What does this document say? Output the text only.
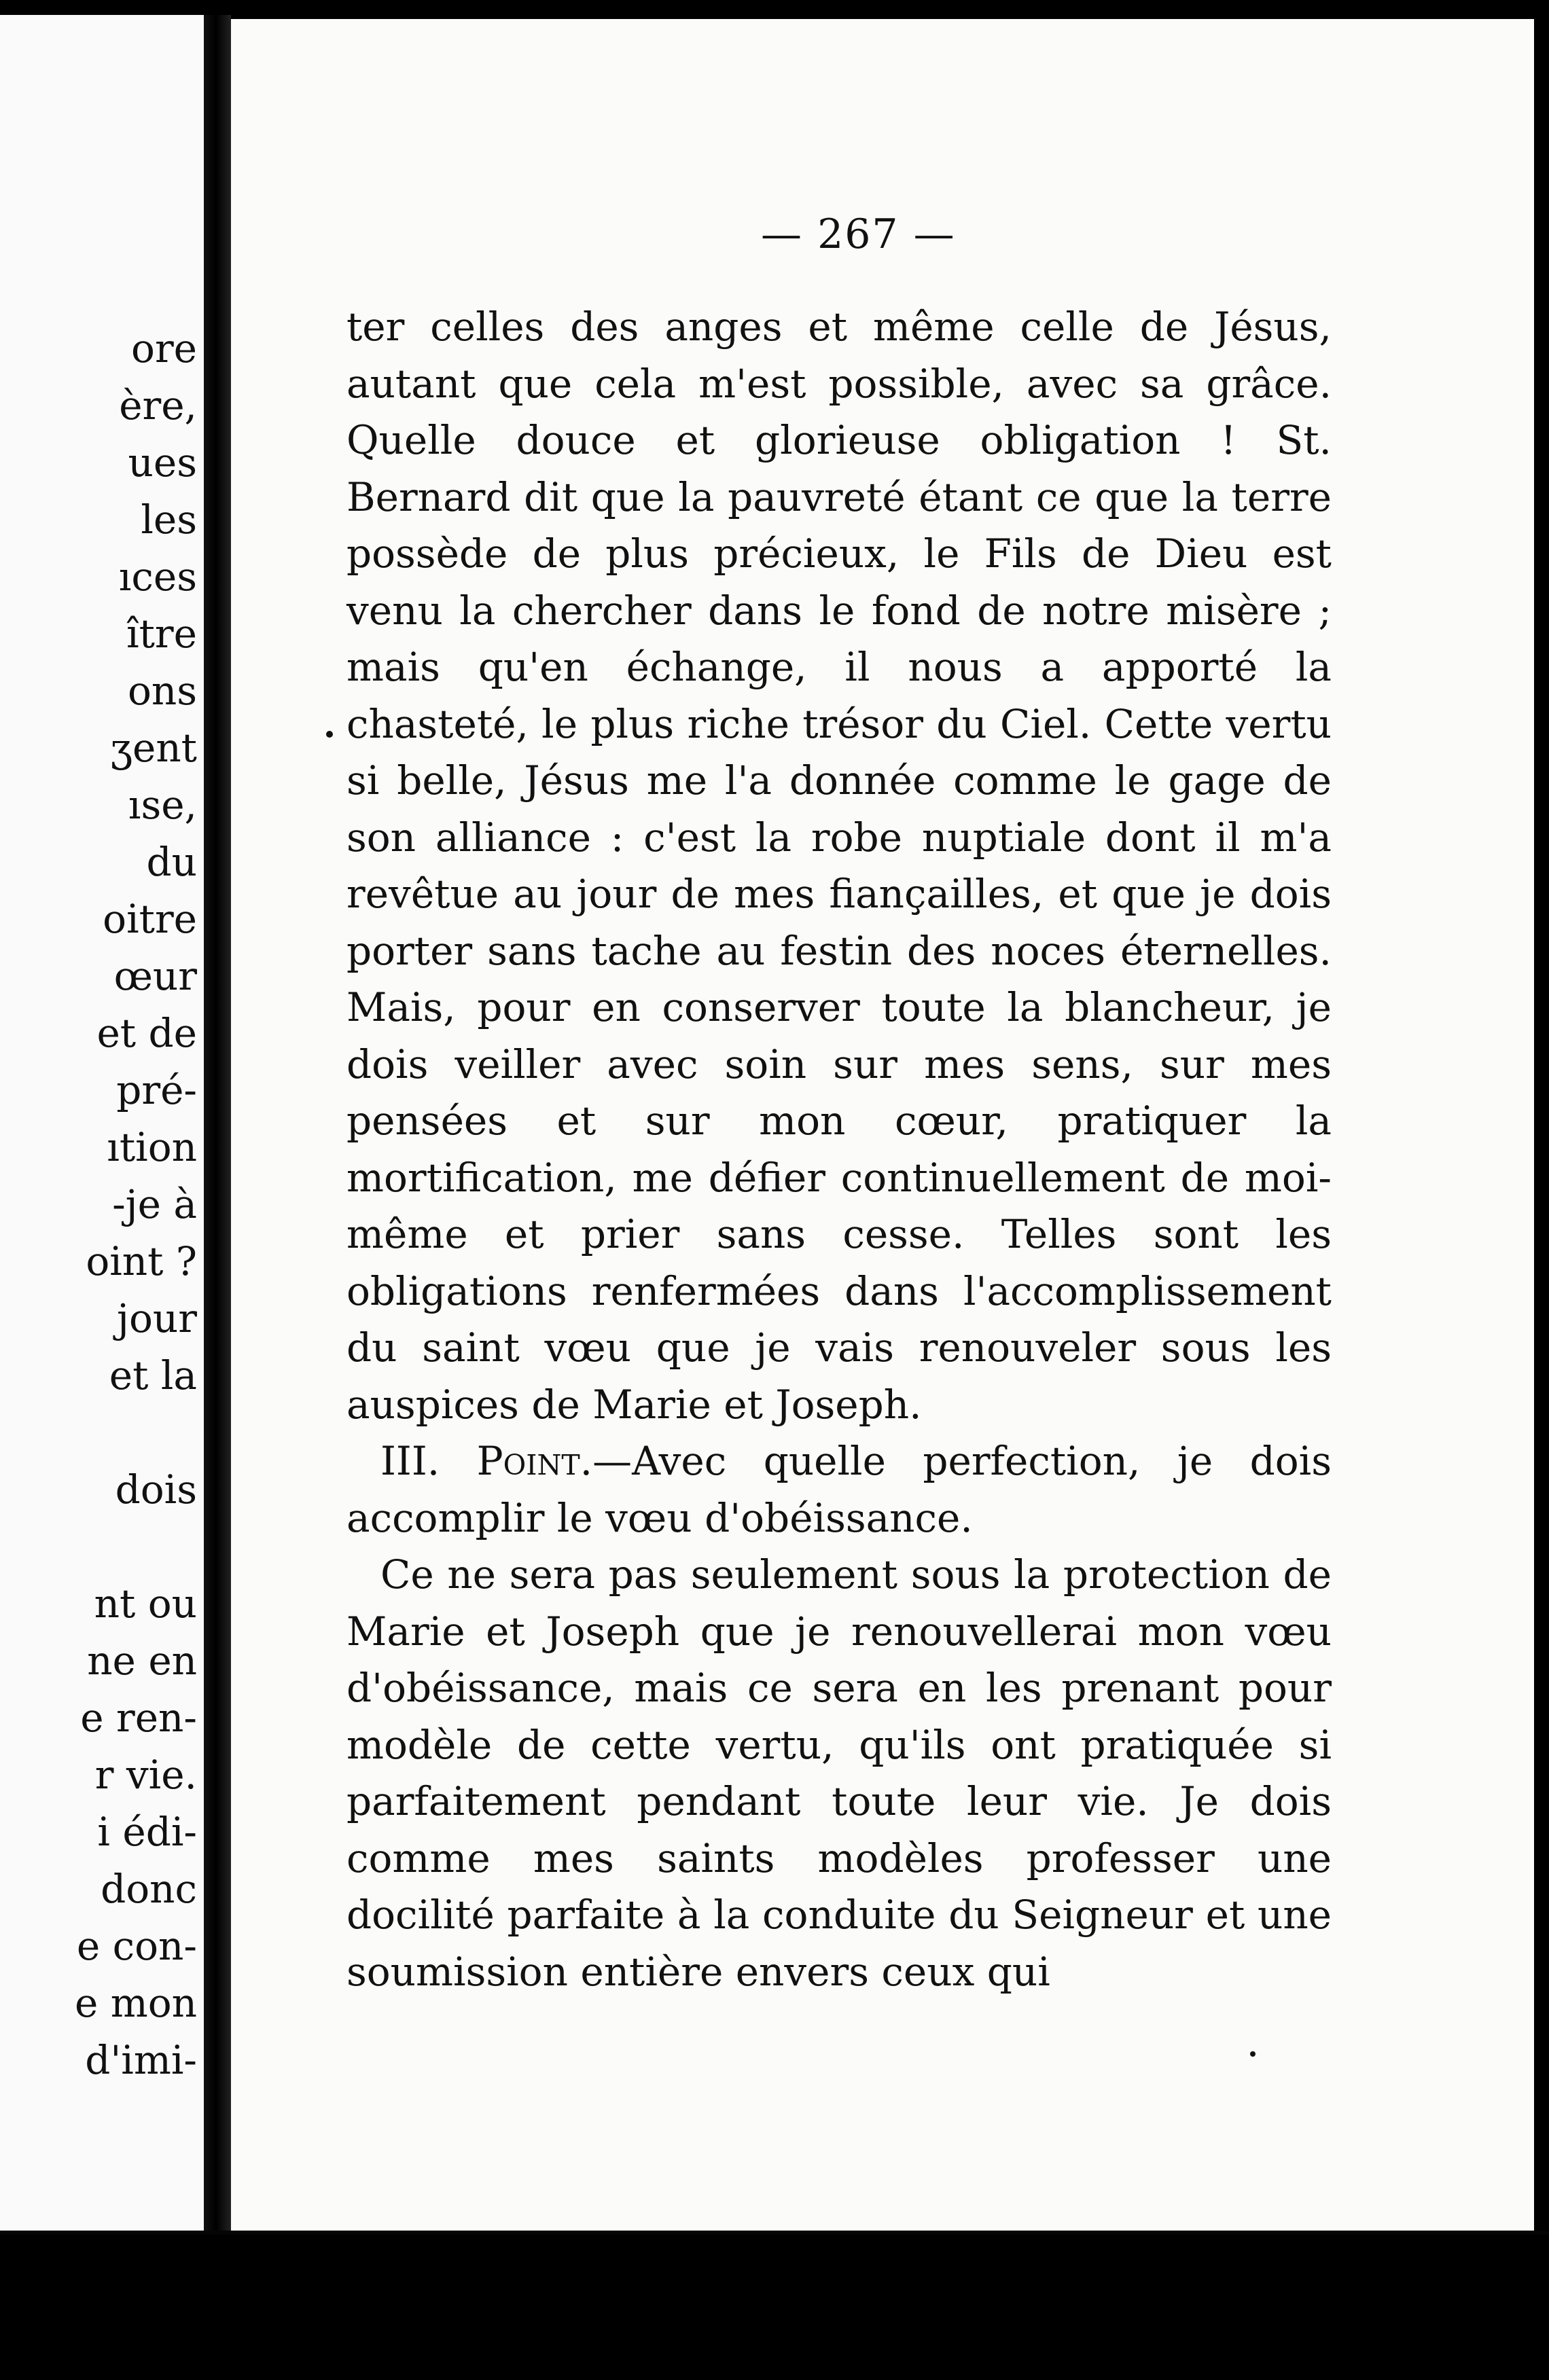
ore
ère,
ues
les
ıces
ître
ons
ʒent
ıse,
du
oitre
œur
et de
pré-
ıtion
-je à
oint ?
jour
et la
dois
nt ou
ne en
e ren-
r vie.
i édi-
donc
e con-
e mon
d'imi-
— 267 —

ter celles des anges et même celle de Jésus, autant que cela m'est possible, avec sa grâce. Quelle douce et glorieuse obligation ! St. Bernard dit que la pauvreté étant ce que la terre possède de plus précieux, le Fils de Dieu est venu la chercher dans le fond de notre misère ; mais qu'en échange, il nous a apporté la chasteté, le plus riche trésor du Ciel. Cette vertu si belle, Jésus me l'a donnée comme le gage de son alliance : c'est la robe nuptiale dont il m'a revêtue au jour de mes fiançailles, et que je dois porter sans tache au festin des noces éternelles. Mais, pour en conserver toute la blancheur, je dois veiller avec soin sur mes sens, sur mes pensées et sur mon cœur, pratiquer la mortification, me défier continuellement de moi-même et prier sans cesse. Telles sont les obligations renfermées dans l'accomplissement du saint vœu que je vais renouveler sous les auspices de Marie et Joseph.

III. Point.—Avec quelle perfection, je dois accomplir le vœu d'obéissance.

Ce ne sera pas seulement sous la protection de Marie et Joseph que je renouvellerai mon vœu d'obéissance, mais ce sera en les prenant pour modèle de cette vertu, qu'ils ont pratiquée si parfaitement pendant toute leur vie. Je dois comme mes saints modèles professer une docilité parfaite à la conduite du Seigneur et une soumission entière envers ceux qui
